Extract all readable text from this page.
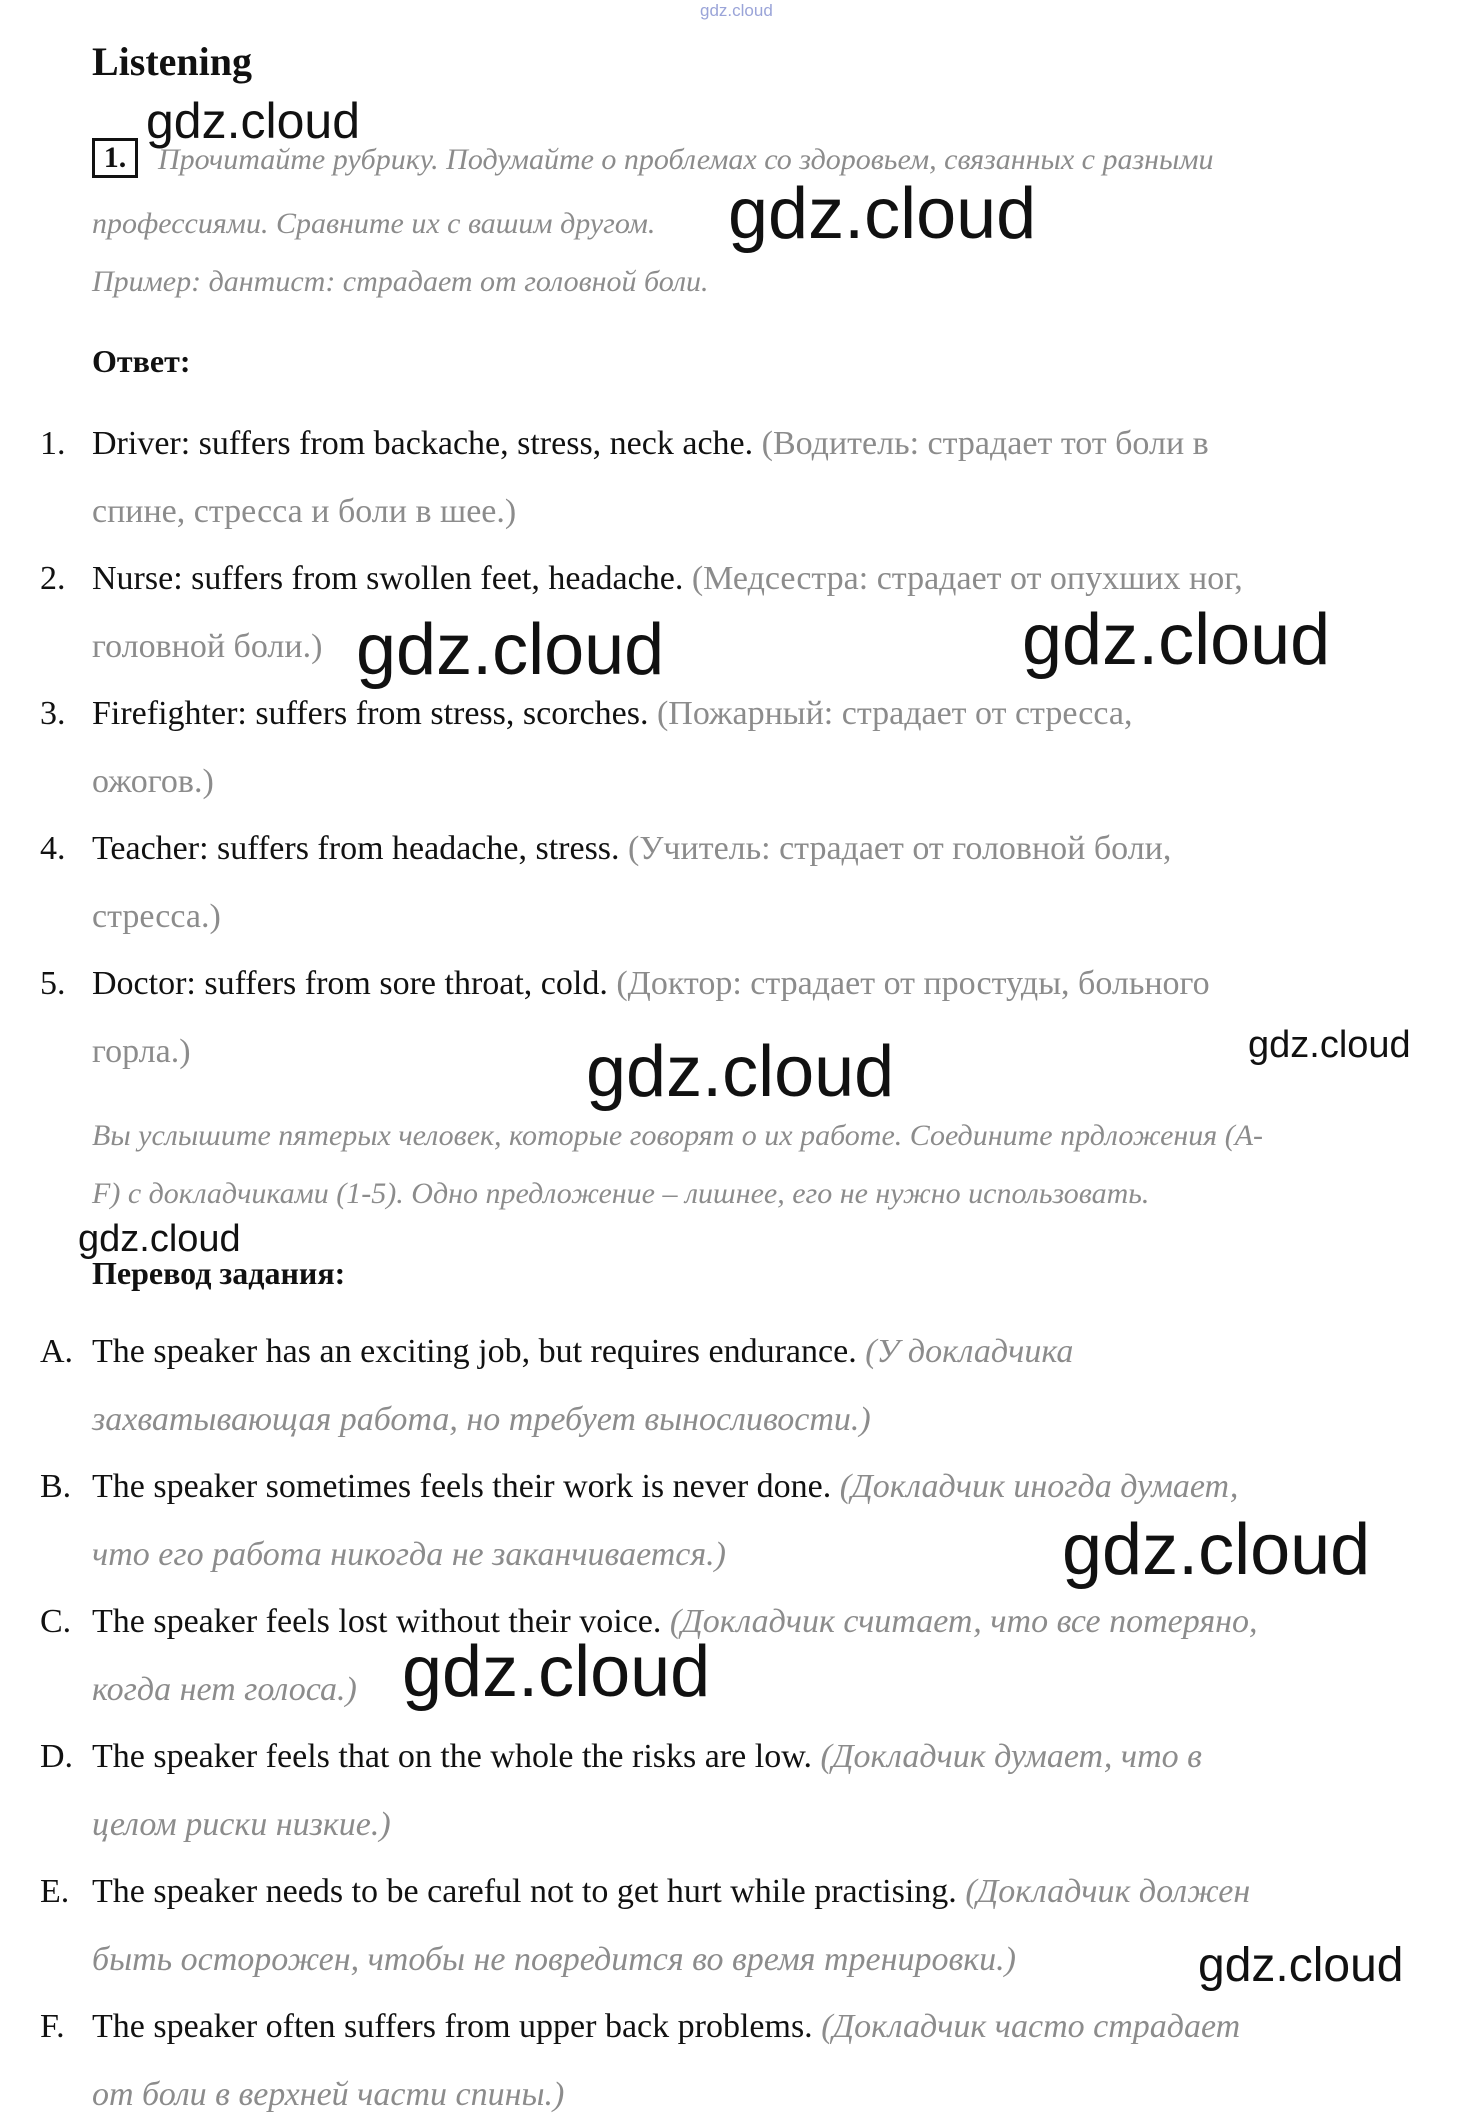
gdz.cloud
gdz.cloud
gdz.cloud
gdz.cloud	gdz.cloud
gdz.cloud	gdz.cloud
gdz.cloud
gdz.cloud
gdz.cloud
gdz.cloud
Listening
1.	Прочитайте рубрику. Подумайте о проблемах со здоровьем, связанных с разными
профессиями. Сравните их с вашим другом.
Пример: дантист: страдает от головной боли.
Ответ:
1. Driver: suffers from backache, stress, neck ache. (Водитель: страдает тот боли в
спине, стресса и боли в шее.)
2. Nurse: suffers from swollen feet, headache. (Медсестра: страдает от опухших ног,
головной боли.)
3. Firefighter: suffers from stress, scorches. (Пожарный: страдает от стресса,
ожогов.)
4. Teacher: suffers from headache, stress. (Учитель: страдает от головной боли,
стресса.)
5. Doctor: suffers from sore throat, cold. (Доктор: страдает от простуды, больного
горла.)
Вы услышите пятерых человек, которые говорят о их работе. Соедините прдложения (A-
F) с докладчиками (1-5). Одно предложение – лишнее, его не нужно использовать.
Перевод задания:
A. The speaker has an exciting job, but requires endurance. (У докладчика
захватывающая работа, но требует выносливости.)
B. The speaker sometimes feels their work is never done. (Докладчик иногда думает,
что его работа никогда не заканчивается.)
C. The speaker feels lost without their voice. (Докладчик считает, что все потеряно,
когда нет голоса.)
D. The speaker feels that on the whole the risks are low. (Докладчик думает, что в
целом риски низкие.)
E. The speaker needs to be careful not to get hurt while practising. (Докладчик должен
быть осторожен, чтобы не повредится во время тренировки.)
F. The speaker often suffers from upper back problems. (Докладчик часто страдает
от боли в верхней части спины.)
